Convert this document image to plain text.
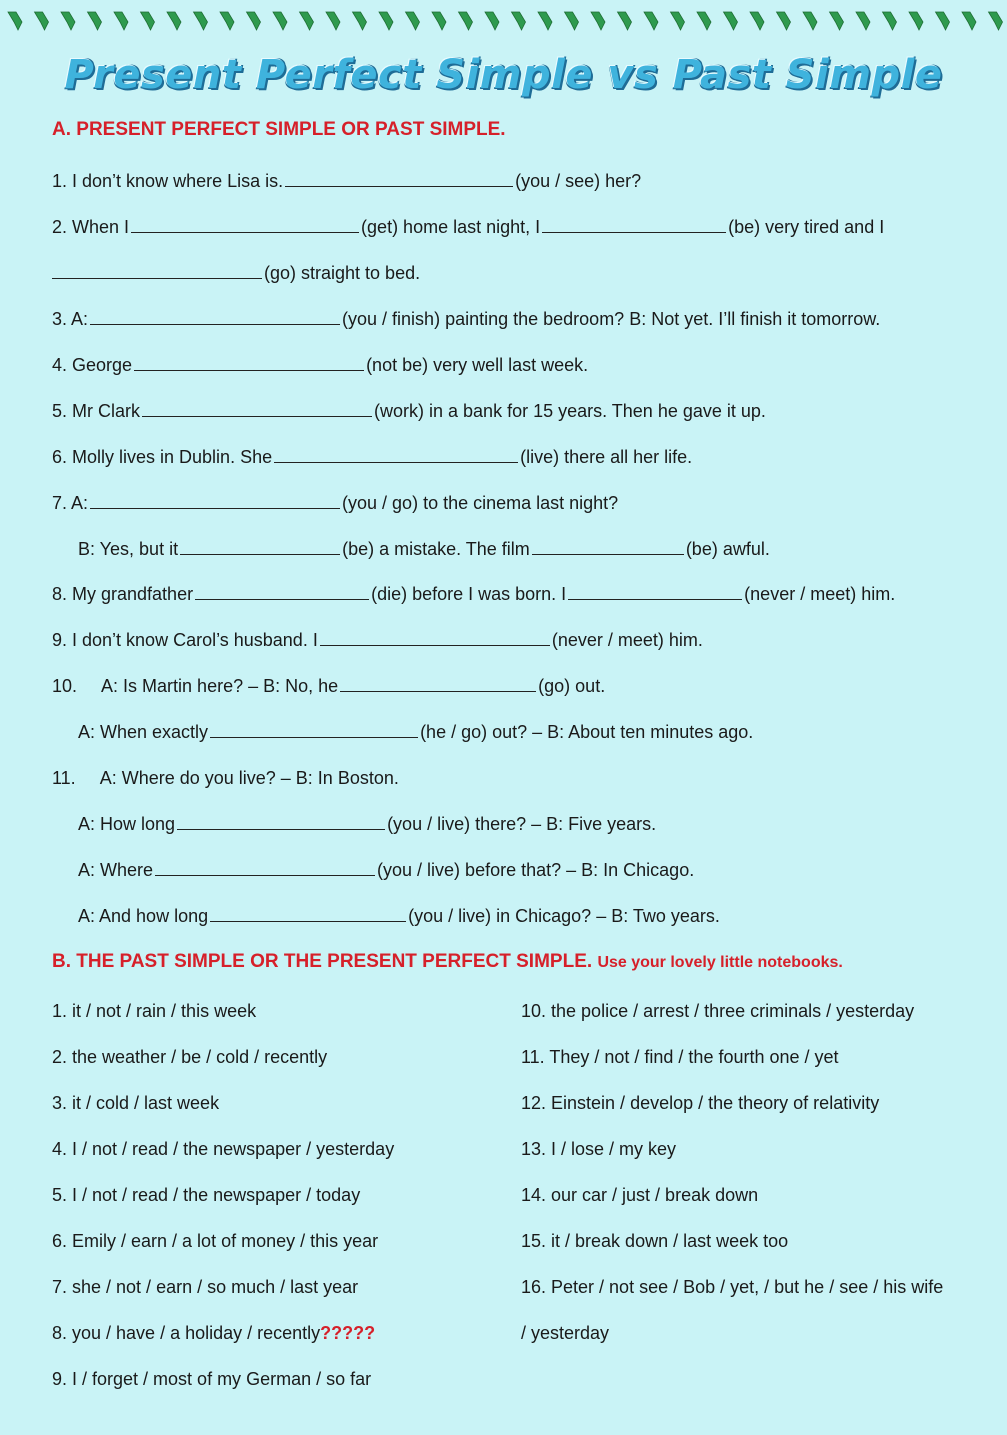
Present Perfect Simple vs Past Simple
A. PRESENT PERFECT SIMPLE OR PAST SIMPLE.
1. I don’t know where Lisa is.	(you / see) her?
2. When I	(get) home last night, I	(be) very tired and I
(go) straight to bed.
3. A:	(you / finish) painting the bedroom? B: Not yet. I’ll finish it tomorrow.
4. George	(not be) very well last week.
5. Mr Clark	(work) in a bank for 15 years. Then he gave it up.
6. Molly lives in Dublin. She	(live) there all her life.
7. A:	(you / go) to the cinema last night?
B: Yes, but it	(be) a mistake. The film	(be) awful.
8. My grandfather	(die) before I was born. I	(never / meet) him.
9. I don’t know Carol’s husband. I	(never / meet) him.
10.     A: Is Martin here? – B: No, he	(go) out.
A: When exactly	(he / go) out? – B: About ten minutes ago.
11.     A: Where do you live? – B: In Boston.
A: How long	(you / live) there? – B: Five years.
A: Where	(you / live) before that? – B: In Chicago.
A: And how long	(you / live) in Chicago? – B: Two years.
B. THE PAST SIMPLE OR THE PRESENT PERFECT SIMPLE. Use your lovely little notebooks.
1. it / not / rain / this week
2. the weather / be / cold / recently
3. it / cold / last week
4. I / not / read / the newspaper / yesterday
5. I / not / read / the newspaper / today
6. Emily / earn / a lot of money / this year
7. she / not / earn / so much / last year
8. you / have / a holiday / recently?????
9. I / forget / most of my German / so far
10. the police / arrest / three criminals / yesterday
11. They / not / find / the fourth one / yet
12. Einstein / develop / the theory of relativity
13. I / lose / my key
14. our car / just / break down
15. it / break down / last week too
16. Peter / not see / Bob / yet, / but he / see / his wife
/ yesterday
